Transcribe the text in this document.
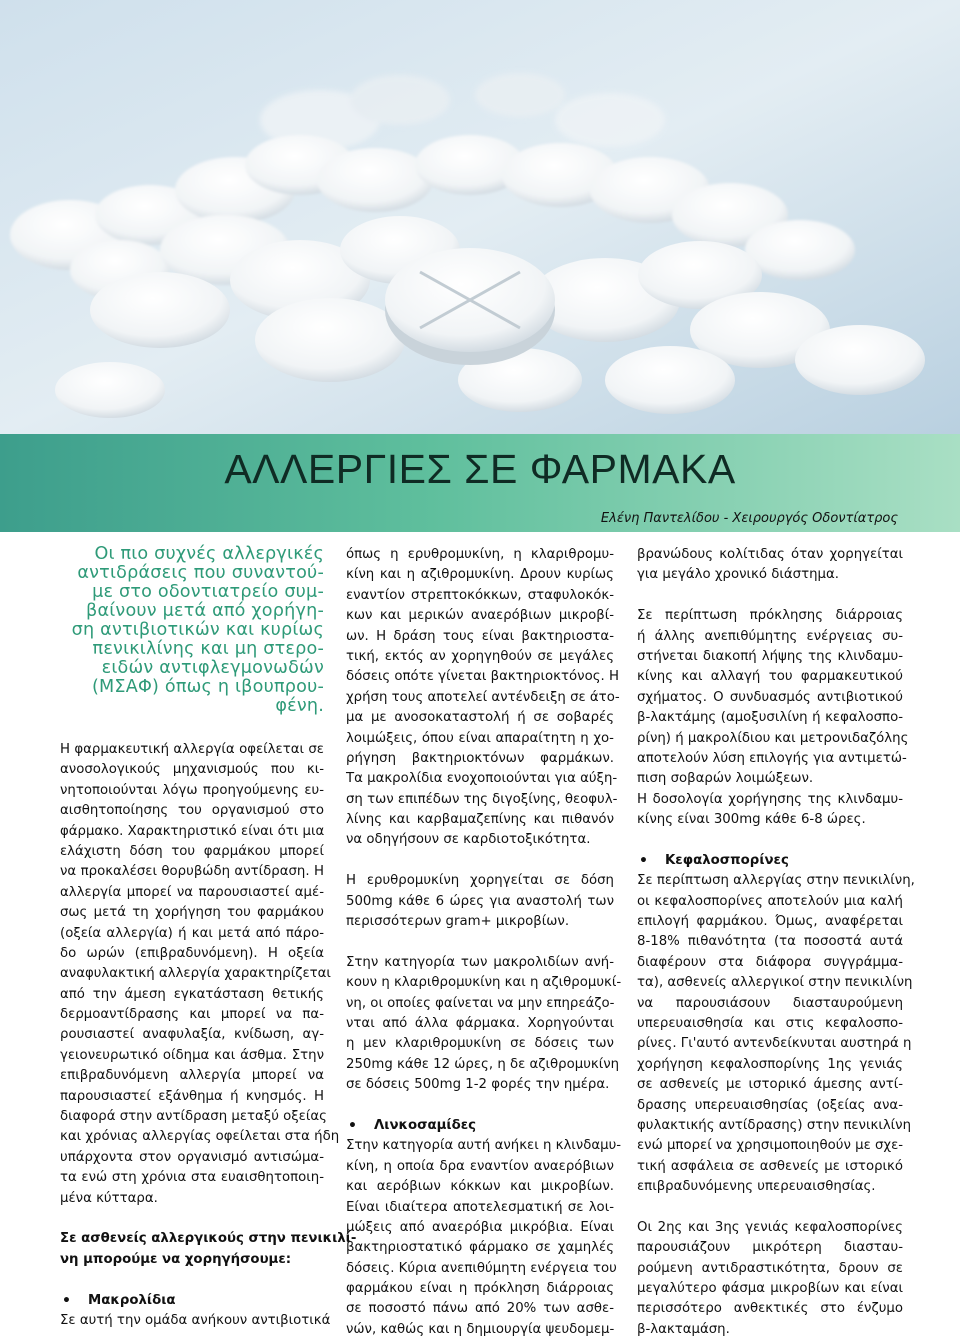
ΑΛΛΕΡΓΙΕΣ ΣΕ ΦΑΡΜΑΚΑ

Ελένη Παντελίδου - Χειρουργός Οδοντίατρος

Οι πιο συχνές αλλεργικές
αντιδράσεις που συναντού-
με στο οδοντιατρείο συμ-
βαίνουν μετά από χορήγη-
ση αντιβιοτικών και κυρίως
πενικιλίνης και μη στερο-
ειδών αντιφλεγμονωδών
(ΜΣΑΦ) όπως η ιβουπρου-
φένη.
Η φαρμακευτική αλλεργία οφείλεται σε
ανοσολογικούς μηχανισμούς που κι-
νητοποιούνται λόγω προηγούμενης ευ-
αισθητοποίησης του οργανισμού στο
φάρμακο. Χαρακτηριστικό είναι ότι μια
ελάχιστη δόση του φαρμάκου μπορεί
να προκαλέσει θορυβώδη αντίδραση. Η
αλλεργία μπορεί να παρουσιαστεί αμέ-
σως μετά τη χορήγηση του φαρμάκου
(οξεία αλλεργία) ή και μετά από πάρο-
δο ωρών (επιβραδυνόμενη). Η οξεία
αναφυλακτική αλλεργία χαρακτηρίζεται
από την άμεση εγκατάσταση θετικής
δερμοαντίδρασης και μπορεί να πα-
ρουσιαστεί αναφυλαξία, κνίδωση, αγ-
γειονευρωτικό οίδημα και άσθμα. Στην
επιβραδυνόμενη αλλεργία μπορεί να
παρουσιαστεί εξάνθημα ή κνησμός. Η
διαφορά στην αντίδραση μεταξύ οξείας
και χρόνιας αλλεργίας οφείλεται στα ήδη
υπάρχοντα στον οργανισμό αντισώμα-
τα ενώ στη χρόνια στα ευαισθητοποιη-
μένα κύτταρα.
Σε ασθενείς αλλεργικούς στην πενικιλί-
νη μπορούμε να χορηγήσουμε:
• Μακρολίδια
Σε αυτή την ομάδα ανήκουν αντιβιοτικά
όπως η ερυθρομυκίνη, η κλαριθρομυ-
κίνη και η αζιθρομυκίνη. Δρουν κυρίως
εναντίον στρεπτοκόκκων, σταφυλοκόκ-
κων και μερικών αναερόβιων μικροβί-
ων. Η δράση τους είναι βακτηριοστα-
τική, εκτός αν χορηγηθούν σε μεγάλες
δόσεις οπότε γίνεται βακτηριοκτόνος. Η
χρήση τους αποτελεί αντένδειξη σε άτο-
μα με ανοσοκαταστολή ή σε σοβαρές
λοιμώξεις, όπου είναι απαραίτητη η χο-
ρήγηση βακτηριοκτόνων φαρμάκων.
Τα μακρολίδια ενοχοποιούνται για αύξη-
ση των επιπέδων της διγοξίνης, θεοφυλ-
λίνης και καρβαμαζεπίνης και πιθανόν
να οδηγήσουν σε καρδιοτοξικότητα.
Η ερυθρομυκίνη χορηγείται σε δόση
500mg κάθε 6 ώρες για αναστολή των
περισσότερων gram+ μικροβίων.
Στην κατηγορία των μακρολιδίων ανή-
κουν η κλαριθρομυκίνη και η αζιθρομυκί-
νη, οι οποίες φαίνεται να μην επηρεάζο-
νται από άλλα φάρμακα. Χορηγούνται
η μεν κλαριθρομυκίνη σε δόσεις των
250mg κάθε 12 ώρες, η δε αζιθρομυκίνη
σε δόσεις 500mg 1-2 φορές την ημέρα.
• Λινκοσαμίδες
Στην κατηγορία αυτή ανήκει η κλινδαμυ-
κίνη, η οποία δρα εναντίον αναερόβιων
και αερόβιων κόκκων και μικροβίων.
Είναι ιδιαίτερα αποτελεσματική σε λοι-
μώξεις από αναερόβια μικρόβια. Είναι
βακτηριοστατικό φάρμακο σε χαμηλές
δόσεις. Κύρια ανεπιθύμητη ενέργεια του
φαρμάκου είναι η πρόκληση διάρροιας
σε ποσοστό πάνω από 20% των ασθε-
νών, καθώς και η δημιουργία ψευδομεμ-
βρανώδους κολίτιδας όταν χορηγείται
για μεγάλο χρονικό διάστημα.
Σε περίπτωση πρόκλησης διάρροιας
ή άλλης ανεπιθύμητης ενέργειας συ-
στήνεται διακοπή λήψης της κλινδαμυ-
κίνης και αλλαγή του φαρμακευτικού
σχήματος. Ο συνδυασμός αντιβιοτικού
β-λακτάμης (αμοξυσιλίνη ή κεφαλοσπο-
ρίνη) ή μακρολίδιου και μετρονιδαζόλης
αποτελούν λύση επιλογής για αντιμετώ-
πιση σοβαρών λοιμώξεων.
Η δοσολογία χορήγησης της κλινδαμυ-
κίνης είναι 300mg κάθε 6-8 ώρες.
• Κεφαλοσπορίνες
Σε περίπτωση αλλεργίας στην πενικιλίνη,
οι κεφαλοσπορίνες αποτελούν μια καλή
επιλογή φαρμάκου. Όμως, αναφέρεται
8-18% πιθανότητα (τα ποσοστά αυτά
διαφέρουν στα διάφορα συγγράμμα-
τα), ασθενείς αλλεργικοί στην πενικιλίνη
να παρουσιάσουν διασταυρούμενη
υπερευαισθησία και στις κεφαλοσπο-
ρίνες. Γι'αυτό αντενδείκνυται αυστηρά η
χορήγηση κεφαλοσπορίνης 1ης γενιάς
σε ασθενείς με ιστορικό άμεσης αντί-
δρασης υπερευαισθησίας (οξείας ανα-
φυλακτικής αντίδρασης) στην πενικιλίνη
ενώ μπορεί να χρησιμοποιηθούν με σχε-
τική ασφάλεια σε ασθενείς με ιστορικό
επιβραδυνόμενης υπερευαισθησίας.
Οι 2ης και 3ης γενιάς κεφαλοσπορίνες
παρουσιάζουν μικρότερη διασταυ-
ρούμενη αντιδραστικότητα, δρουν σε
μεγαλύτερο φάσμα μικροβίων και είναι
περισσότερο ανθεκτικές στο ένζυμο
β-λακταμάση.
